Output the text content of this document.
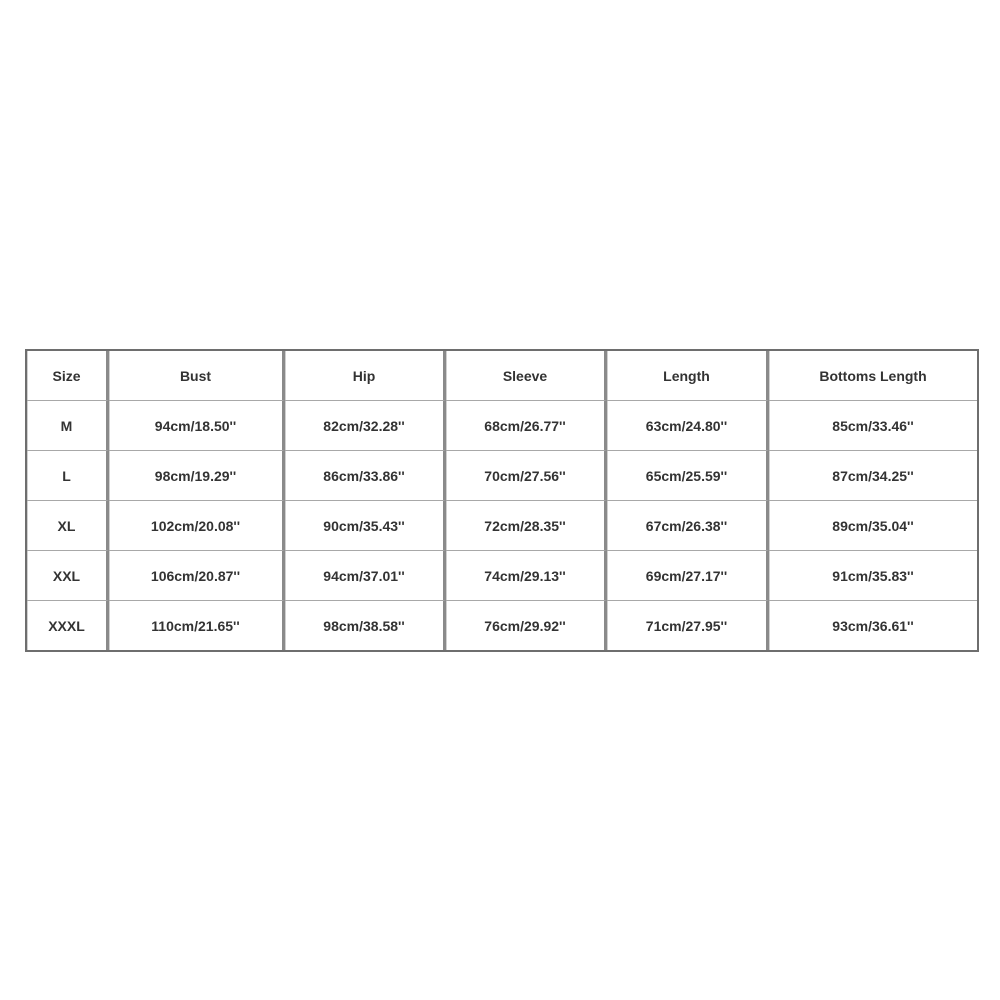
Size	Bust	Hip	Sleeve	Length	Bottoms Length
M	94cm/18.50''	82cm/32.28''	68cm/26.77''	63cm/24.80''	85cm/33.46''
L	98cm/19.29''	86cm/33.86''	70cm/27.56''	65cm/25.59''	87cm/34.25''
XL	102cm/20.08''	90cm/35.43''	72cm/28.35''	67cm/26.38''	89cm/35.04''
XXL	106cm/20.87''	94cm/37.01''	74cm/29.13''	69cm/27.17''	91cm/35.83''
XXXL	110cm/21.65''	98cm/38.58''	76cm/29.92''	71cm/27.95''	93cm/36.61''
